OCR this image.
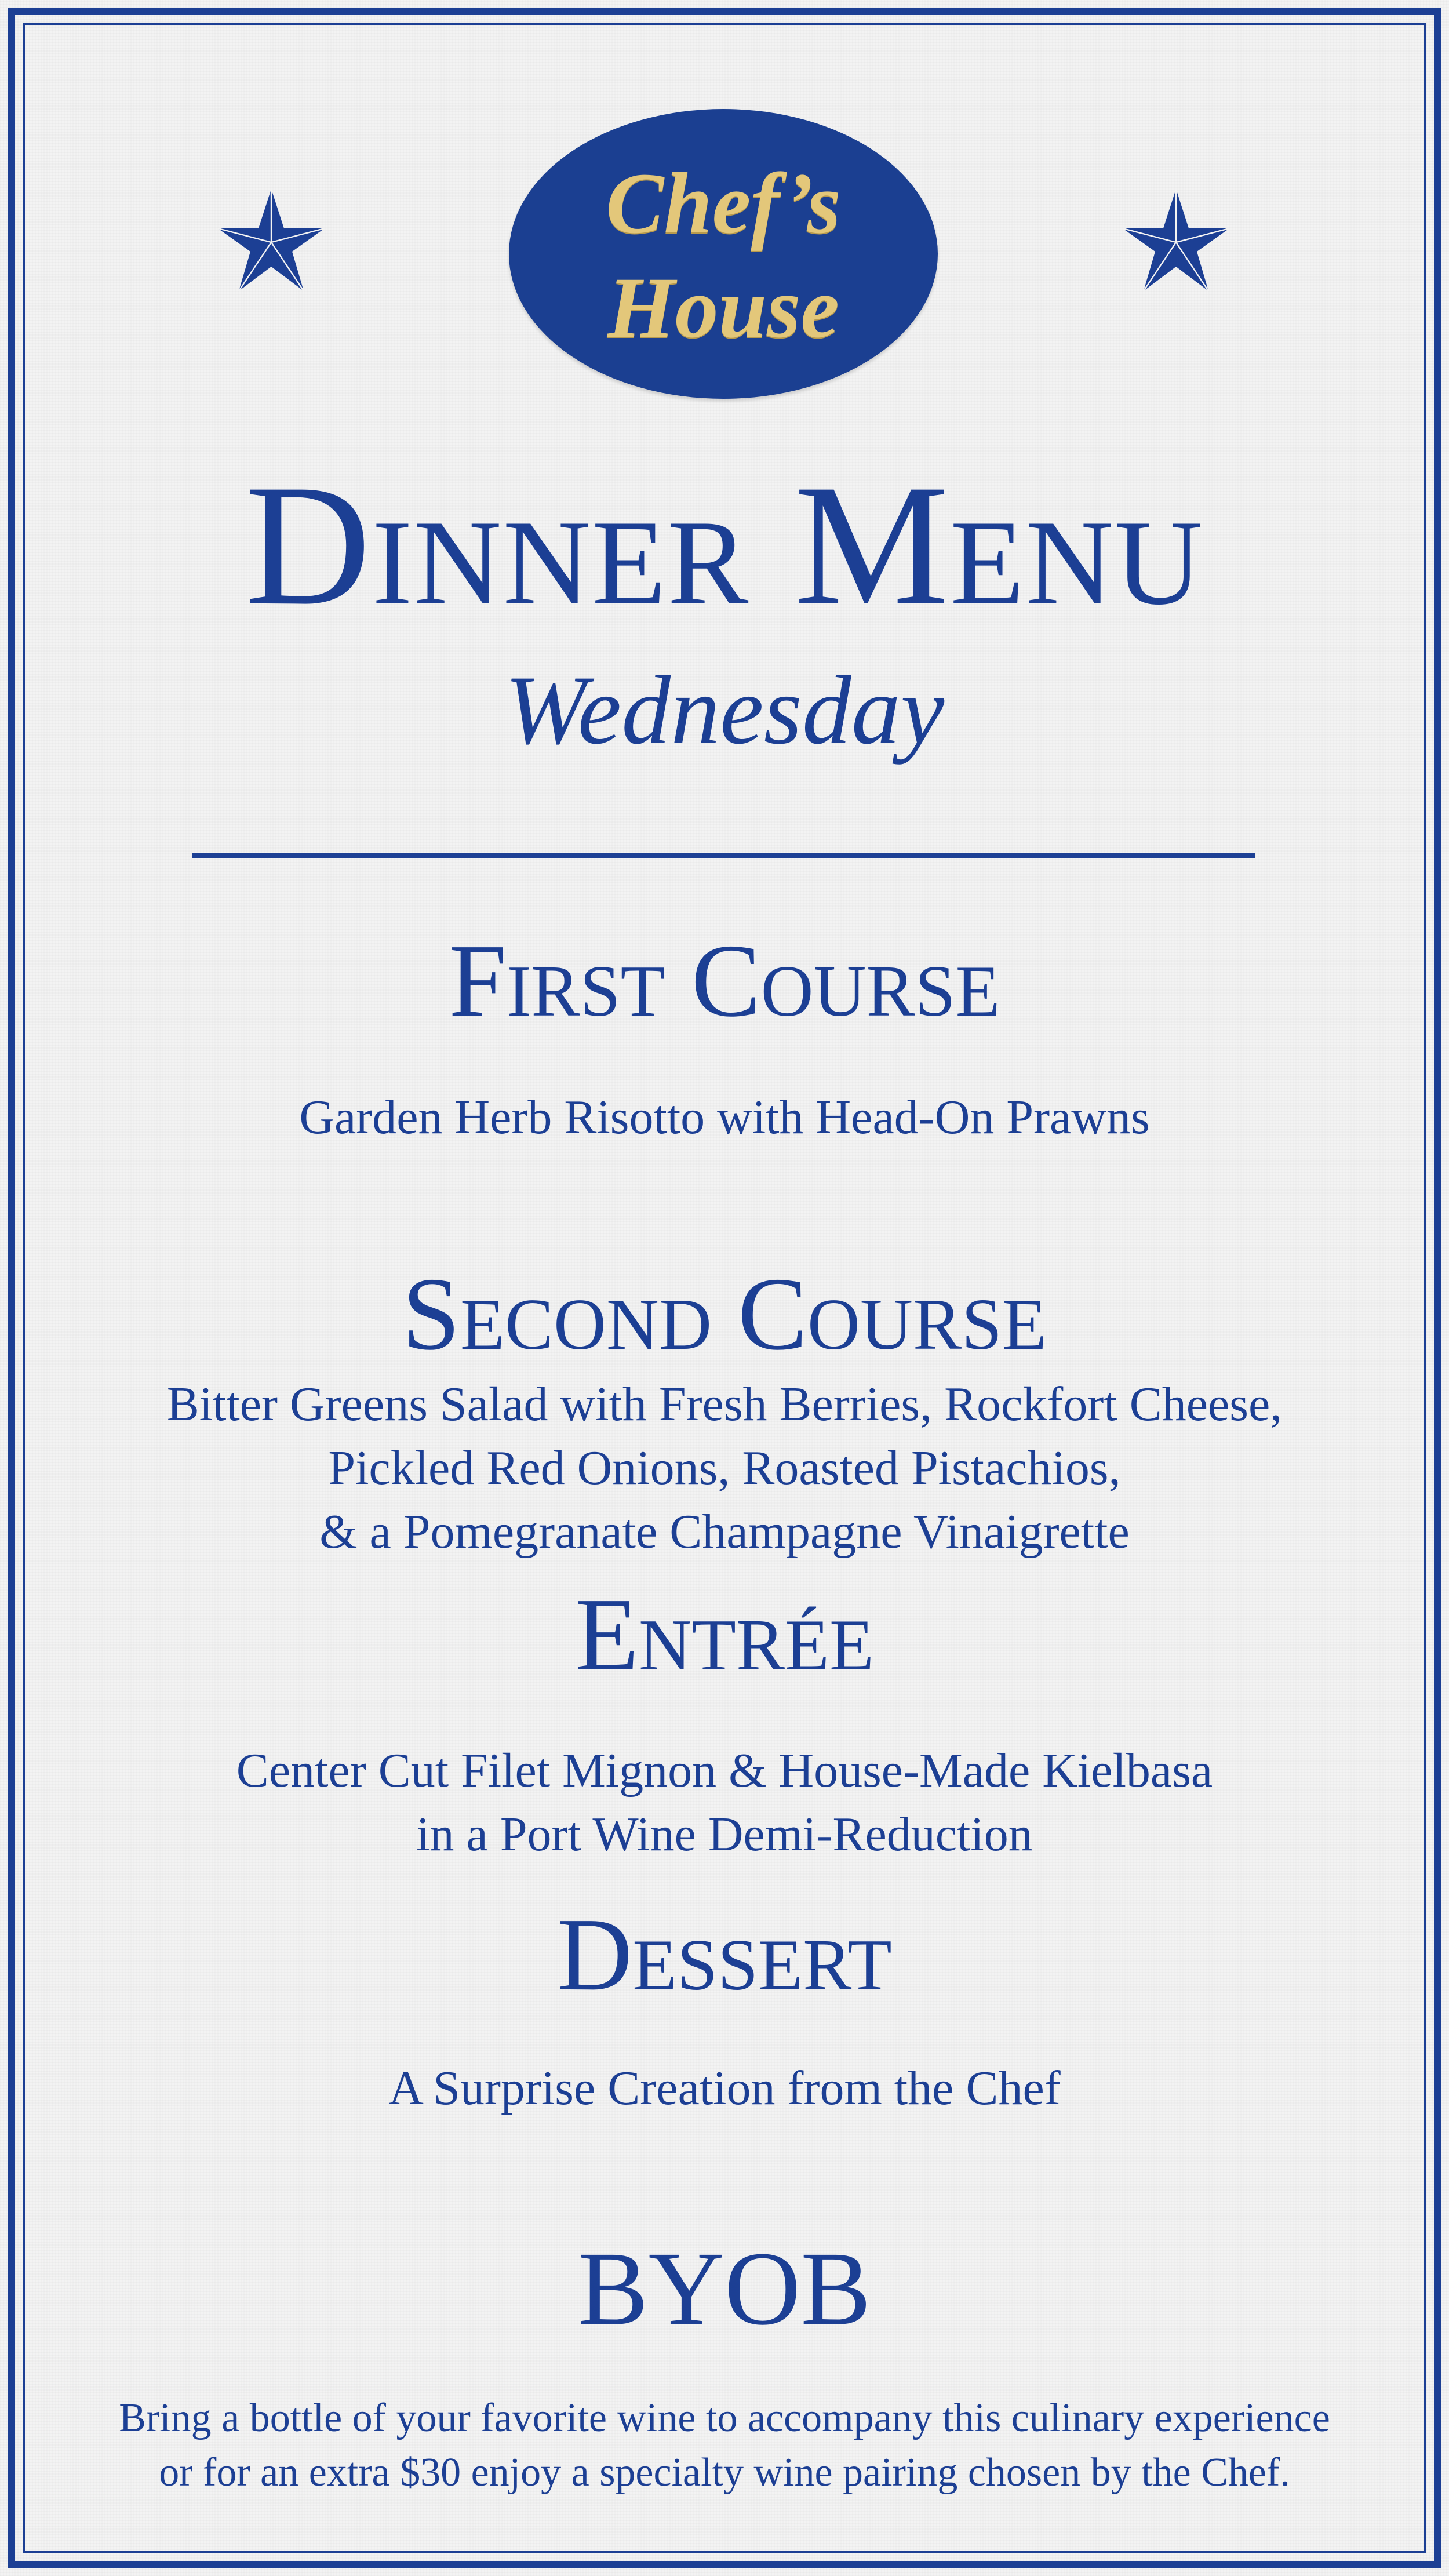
Chef’s
House
Dinner Menu
Wednesday
First Course
Garden Herb Risotto with Head-On Prawns
Second Course
Bitter Greens Salad with Fresh Berries, Rockfort Cheese,
Pickled Red Onions, Roasted Pistachios,
& a Pomegranate Champagne Vinaigrette
Entrée
Center Cut Filet Mignon & House-Made Kielbasa
in a Port Wine Demi-Reduction
Dessert
A Surprise Creation from the Chef
BYOB
Bring a bottle of your favorite wine to accompany this culinary experience
or for an extra $30 enjoy a specialty wine pairing chosen by the Chef.
